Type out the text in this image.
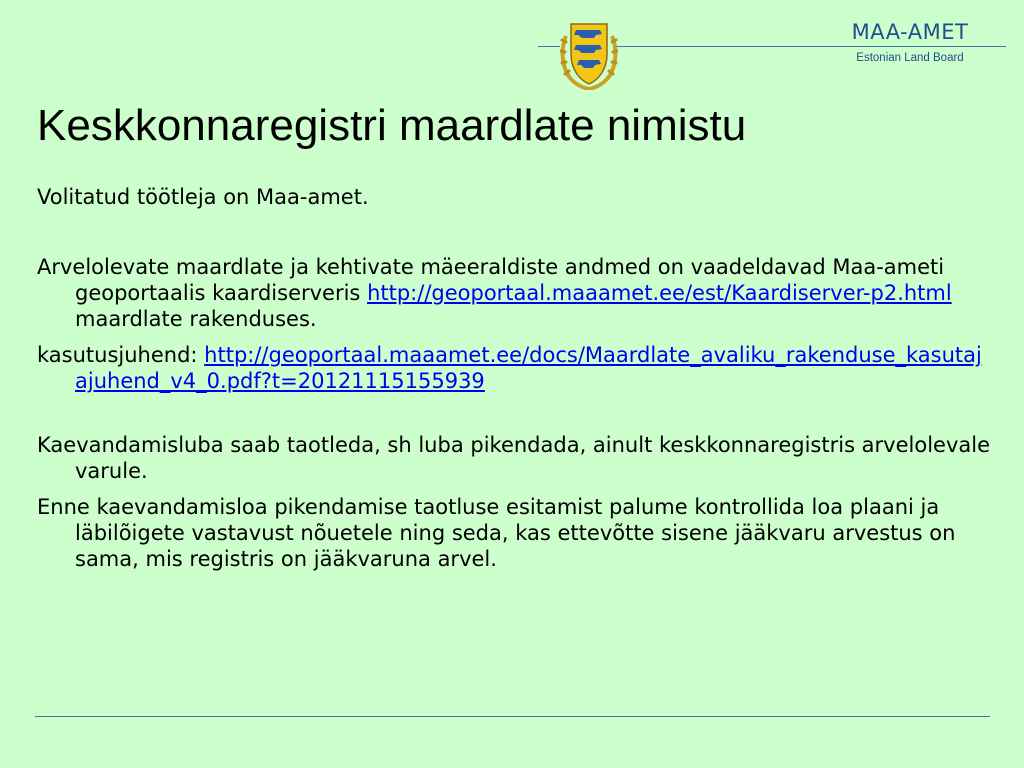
MAA-AMET
Estonian Land Board
Keskkonnaregistri maardlate nimistu

Volitatud töötleja on Maa-amet.

Arvelolevate maardlate ja kehtivate mäeeraldiste andmed on vaadeldavad Maa-ameti geoportaalis kaardiserveris http://geoportaal.maaamet.ee/est/Kaardiserver-p2.html maardlate rakenduses.

kasutusjuhend: http://geoportaal.maaamet.ee/docs/Maardlate_avaliku_rakenduse_kasutajajuhend_v4_0.pdf?t=20121115155939

Kaevandamisluba saab taotleda, sh luba pikendada, ainult keskkonnaregistris arvelolevale varule.

Enne kaevandamisloa pikendamise taotluse esitamist palume kontrollida loa plaani ja läbilõigete vastavust nõuetele ning seda, kas ettevõtte sisene jääkvaru arvestus on sama, mis registris on jääkvaruna arvel.
